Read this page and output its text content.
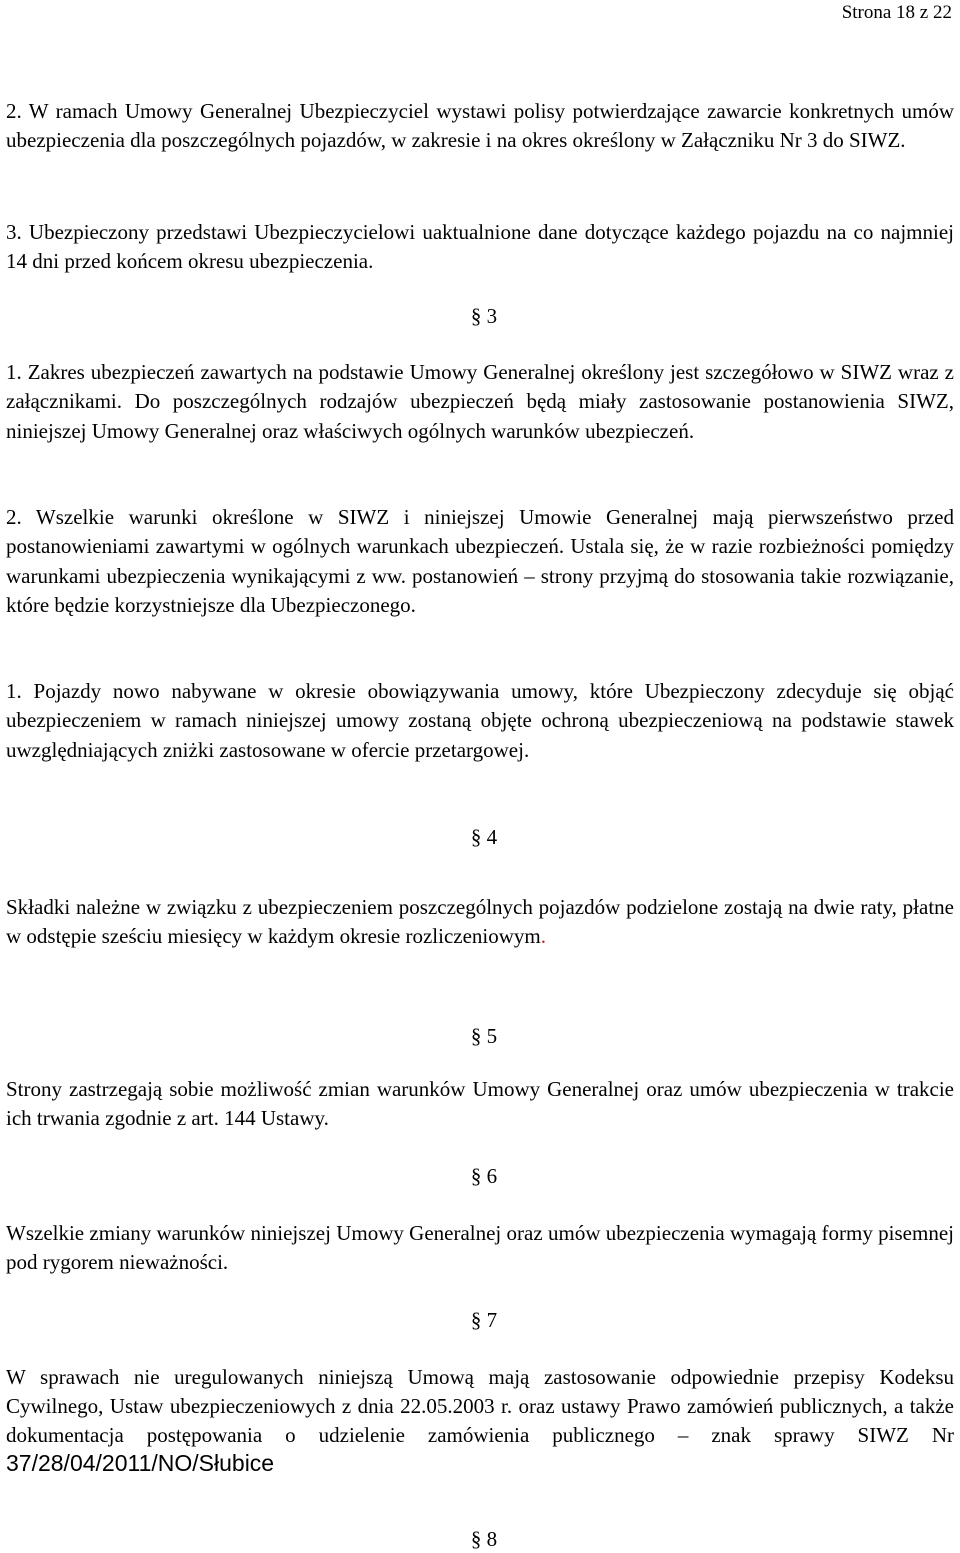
Strona 18 z 22

2. W ramach Umowy Generalnej Ubezpieczyciel wystawi polisy potwierdzające zawarcie konkretnych umów ubezpieczenia dla poszczególnych pojazdów, w zakresie i na okres określony w Załączniku Nr 3 do SIWZ.

3. Ubezpieczony przedstawi Ubezpieczycielowi uaktualnione dane dotyczące każdego pojazdu na co najmniej 14 dni przed końcem okresu ubezpieczenia.

§ 3

1. Zakres ubezpieczeń zawartych na podstawie Umowy Generalnej określony jest szczegółowo w SIWZ wraz z załącznikami. Do poszczególnych rodzajów ubezpieczeń będą miały zastosowanie postanowienia SIWZ, niniejszej Umowy Generalnej oraz właściwych ogólnych warunków ubezpieczeń.

2. Wszelkie warunki określone w SIWZ i niniejszej Umowie Generalnej mają pierwszeństwo przed postanowieniami zawartymi w ogólnych warunkach ubezpieczeń. Ustala się, że w razie rozbieżności pomiędzy warunkami ubezpieczenia wynikającymi z ww. postanowień – strony przyjmą do stosowania takie rozwiązanie, które będzie korzystniejsze dla Ubezpieczonego.

1. Pojazdy nowo nabywane w okresie obowiązywania umowy, które Ubezpieczony zdecyduje się objąć ubezpieczeniem w ramach niniejszej umowy zostaną objęte ochroną ubezpieczeniową na podstawie stawek uwzględniających zniżki zastosowane w ofercie przetargowej.

§ 4

Składki należne w związku z ubezpieczeniem poszczególnych pojazdów podzielone zostają na dwie raty, płatne w odstępie sześciu miesięcy w każdym okresie rozliczeniowym.

§ 5

Strony zastrzegają sobie możliwość zmian warunków Umowy Generalnej oraz umów ubezpieczenia w trakcie ich trwania zgodnie z art. 144 Ustawy.

§ 6

Wszelkie zmiany warunków niniejszej Umowy Generalnej oraz umów ubezpieczenia wymagają formy pisemnej pod rygorem nieważności.

§ 7

W sprawach nie uregulowanych niniejszą Umową mają zastosowanie odpowiednie przepisy Kodeksu Cywilnego, Ustaw ubezpieczeniowych z dnia 22.05.2003 r. oraz ustawy Prawo zamówień publicznych, a także dokumentacja postępowania o udzielenie zamówienia publicznego – znak sprawy SIWZ Nr 37/28/04/2011/NO/Słubice

§ 8
